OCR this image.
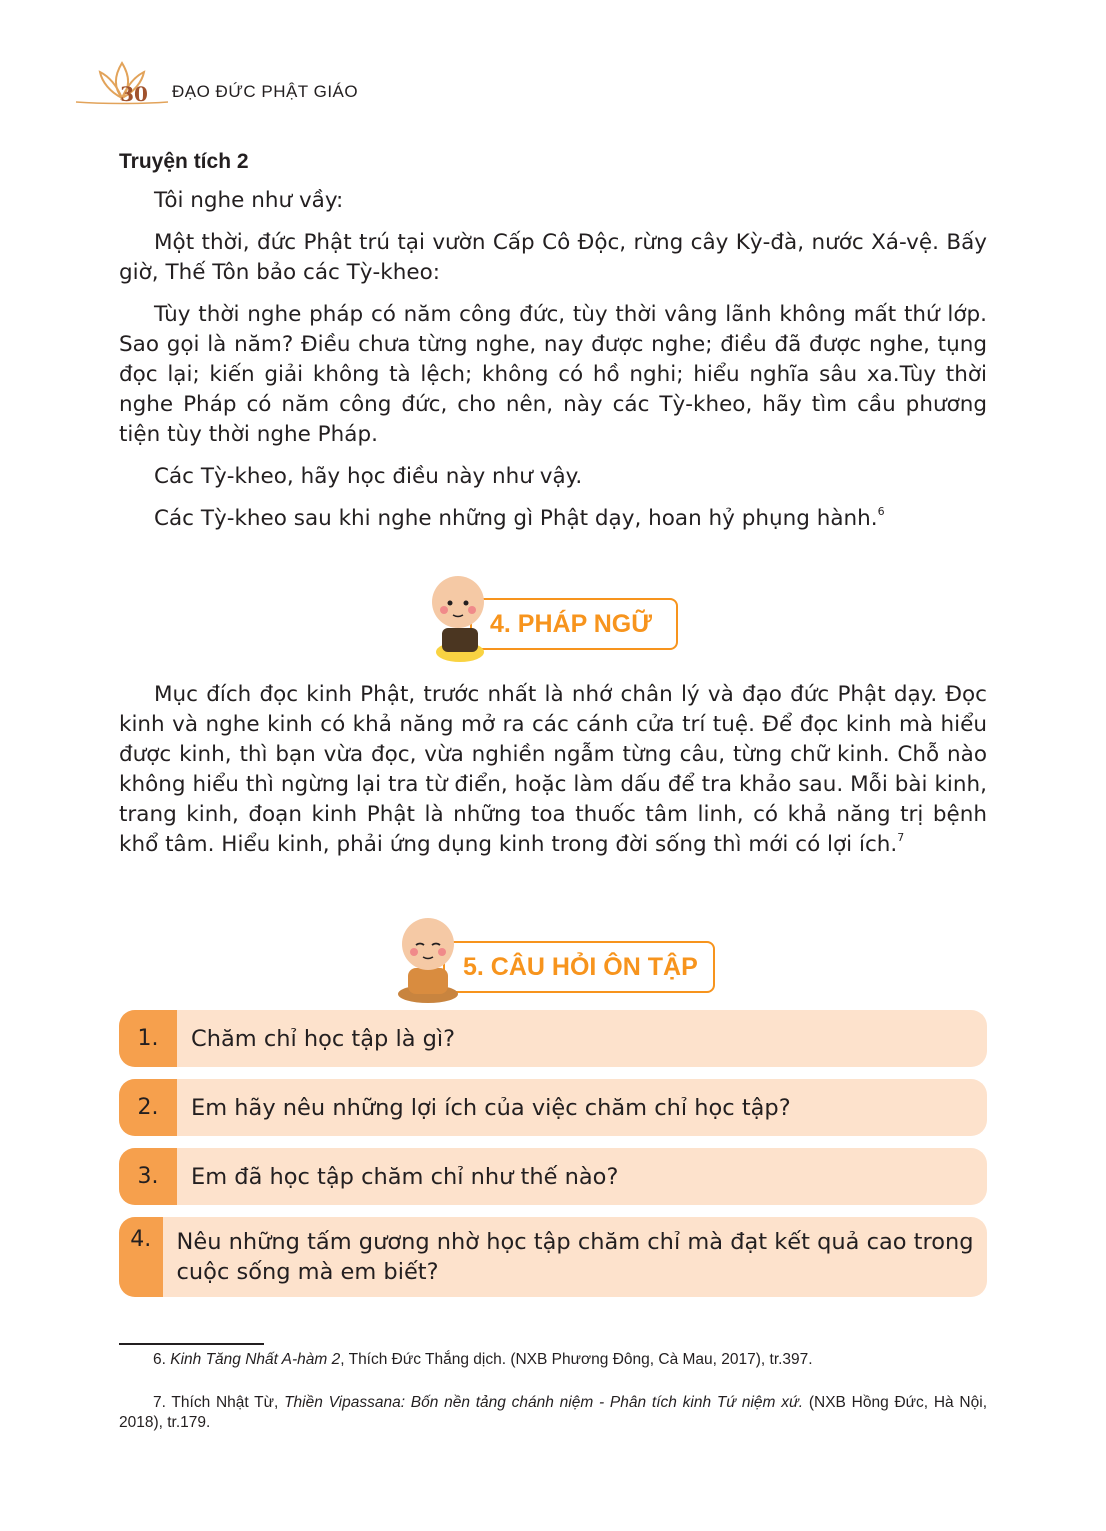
30	ĐẠO ĐỨC PHẬT GIÁO
Truyện tích 2

Tôi nghe như vầy:

Một thời, đức Phật trú tại vườn Cấp Cô Độc, rừng cây Kỳ-đà, nước Xá-vệ. Bấy giờ, Thế Tôn bảo các Tỳ-kheo:

Tùy thời nghe pháp có năm công đức, tùy thời vâng lãnh không mất thứ lớp. Sao gọi là năm? Điều chưa từng nghe, nay được nghe; điều đã được nghe, tụng đọc lại; kiến giải không tà lệch; không có hồ nghi; hiểu nghĩa sâu xa.Tùy thời nghe Pháp có năm công đức, cho nên, này các Tỳ-kheo, hãy tìm cầu phương tiện tùy thời nghe Pháp.

Các Tỳ-kheo, hãy học điều này như vậy.

Các Tỳ-kheo sau khi nghe những gì Phật dạy, hoan hỷ phụng hành.$^6$

4. PHÁP NGỮ

Mục đích đọc kinh Phật, trước nhất là nhớ chân lý và đạo đức Phật dạy. Đọc kinh và nghe kinh có khả năng mở ra các cánh cửa trí tuệ. Để đọc kinh mà hiểu được kinh, thì bạn vừa đọc, vừa nghiền ngẫm từng câu, từng chữ kinh. Chỗ nào không hiểu thì ngừng lại tra từ điển, hoặc làm dấu để tra khảo sau. Mỗi bài kinh, trang kinh, đoạn kinh Phật là những toa thuốc tâm linh, có khả năng trị bệnh khổ tâm. Hiểu kinh, phải ứng dụng kinh trong đời sống thì mới có lợi ích.$^7$

5. CÂU HỎI ÔN TẬP
1.	Chăm chỉ học tập là gì?
2.	Em hãy nêu những lợi ích của việc chăm chỉ học tập?
3.	Em đã học tập chăm chỉ như thế nào?
4.	Nêu những tấm gương nhờ học tập chăm chỉ mà đạt kết quả cao trong cuộc sống mà em biết?
6. Kinh Tăng Nhất A-hàm 2, Thích Đức Thắng dịch. (NXB Phương Đông, Cà Mau, 2017), tr.397.
7. Thích Nhật Từ, Thiền Vipassana: Bốn nền tảng chánh niệm - Phân tích kinh Tứ niệm xứ. (NXB Hồng Đức, Hà Nội, 2018), tr.179.
